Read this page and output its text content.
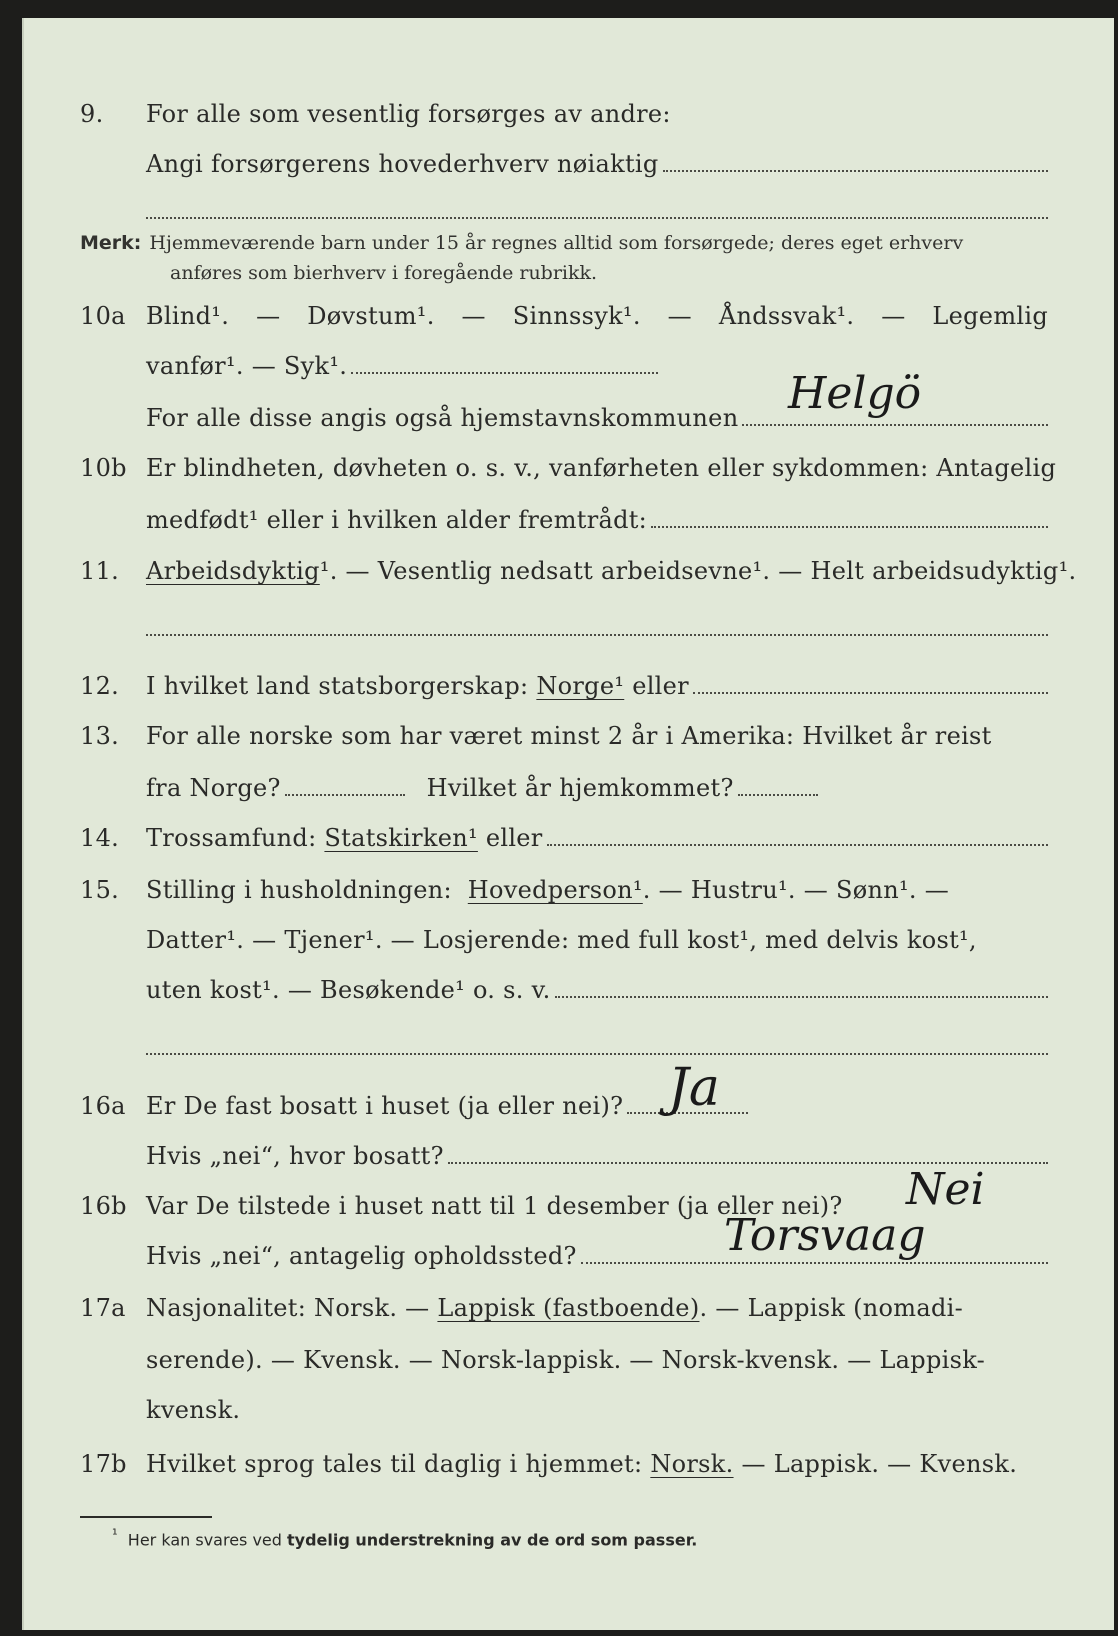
9.	For alle som vesentlig forsørges av andre:
Angi forsørgerens hovederhverv nøiaktig
Merk: Hjemmeværende barn under 15 år regnes alltid som forsørgede; deres eget erhverv
anføres som bierhverv i foregående rubrikk.
10a Blind¹. — Døvstum¹. — Sinnssyk¹. — Åndssvak¹. — Legemlig
vanfør¹. — Syk¹.
For alle disse angis også hjemstavnskommunen Helgö
10b Er blindheten, døvheten o. s. v., vanførheten eller sykdommen: Antagelig
medfødt¹ eller i hvilken alder fremtrådt:
11.	Arbeidsdyktig ¹. — Vesentlig nedsatt arbeidsevne¹. — Helt arbeidsudyktig¹.
12.	I hvilket land statsborgerskap:
Norge¹
eller
13.	For alle norske som har været minst 2 år i Amerika: Hvilket år reist
fra Norge?	Hvilket år hjemkommet?
14.	Trossamfund:
Statskirken¹
eller
15.	Stilling i husholdningen:
Hovedperson¹ . — Hustru¹. — Sønn¹. —
Datter¹. — Tjener¹. — Losjerende: med full kost¹, med delvis kost¹,
uten kost¹. — Besøkende¹ o. s. v.
16a Er De fast bosatt i huset (ja eller nei)? Ja
Hvis „nei“, hvor bosatt?
16b Var De tilstede i huset natt til 1 desember (ja eller nei)? Nei
Hvis „nei“, antagelig opholdssted?	Torsvaag
17a Nasjonalitet: Norsk. —
Lappisk (fastboende) . — Lappisk (nomadi-
serende). — Kvensk. — Norsk-lappisk. — Norsk-kvensk. — Lappisk-
kvensk.
17b Hvilket sprog tales til daglig i hjemmet:
Norsk.
— Lappisk. — Kvensk.
¹ Her kan svares ved tydelig understrekning av de ord som passer.
